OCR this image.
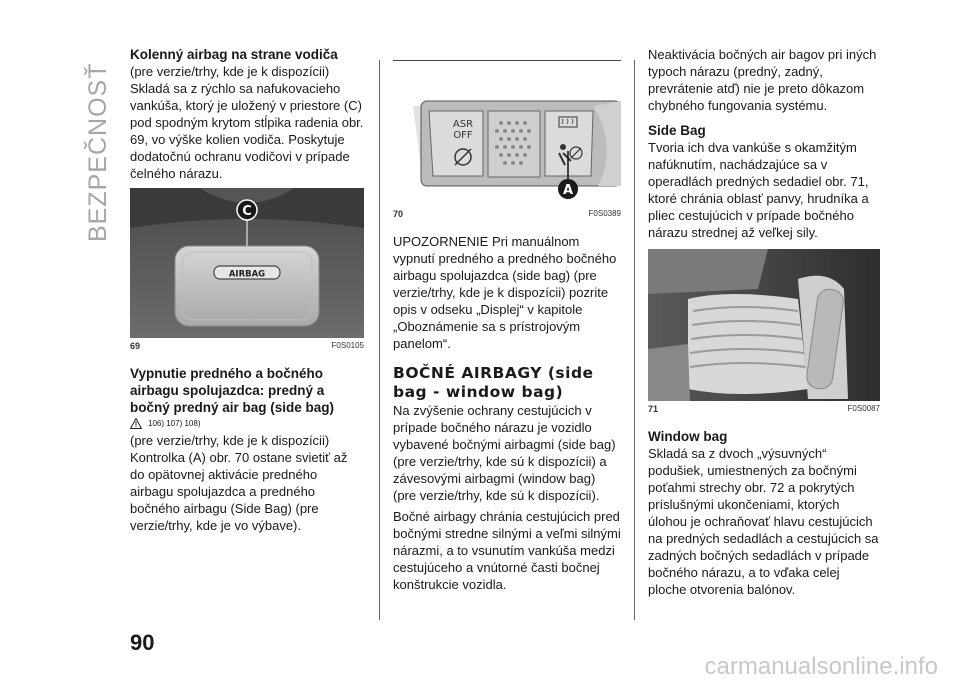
BEZPEČNOSŤ
Kolenný airbag na strane vodiča

(pre verzie/trhy, kde je k dispozícii)

Skladá sa z rýchlo sa nafukovacieho vankúša, ktorý je uložený v priestore (C) pod spodným krytom stĺpika radenia obr. 69, vo výške kolien vodiča. Poskytuje dodatočnú ochranu vodičovi v prípade čelného nárazu.

AIRBAG
C
69	F0S0105
Vypnutie predného a bočného airbagu spolujazdca: predný a bočný predný air bag (side bag)
106) 107) 108)

(pre verzie/trhy, kde je k dispozícii)

Kontrolka (A) obr. 70 ostane svietiť až do opätovnej aktivácie predného airbagu spolujazdca a predného bočného airbagu (Side Bag) (pre verzie/trhy, kde je vo výbave).

ASR
OFF
A
70	F0S0389

UPOZORNENIE Pri manuálnom vypnutí predného a predného bočného airbagu spolujazdca (side bag) (pre verzie/trhy, kde je k dispozícii) pozrite opis v odseku „Displej“ v kapitole „Oboznámenie sa s prístrojovým panelom“.

BOČNÉ AIRBAGY (side bag - window bag)

Na zvýšenie ochrany cestujúcich v prípade bočného nárazu je vozidlo vybavené bočnými airbagmi (side bag) (pre verzie/trhy, kde sú k dispozícii) a závesovými airbagmi (window bag) (pre verzie/trhy, kde sú k dispozícii).

Bočné airbagy chránia cestujúcich pred bočnými stredne silnými a veľmi silnými nárazmi, a to vsunutím vankúša medzi cestujúceho a vnútorné časti bočnej konštrukcie vozidla.

Neaktivácia bočných air bagov pri iných typoch nárazu (predný, zadný, prevrátenie atď) nie je preto dôkazom chybného fungovania systému.

Side Bag

Tvoria ich dva vankúše s okamžitým nafúknutím, nachádzajúce sa v operadlách predných sedadiel obr. 71, ktoré chránia oblasť panvy, hrudníka a pliec cestujúcich v prípade bočného nárazu strednej až veľkej sily.

71	F0S0087
Window bag

Skladá sa z dvoch „výsuvných“ podušiek, umiestnených za bočnými poťahmi strechy obr. 72 a pokrytých príslušnými ukončeniami, ktorých úlohou je ochraňovať hlavu cestujúcich na predných sedadlách a cestujúcich sa zadných bočných sedadlách v prípade bočného nárazu, a to vďaka celej ploche otvorenia balónov.

90
carmanualsonline.info
